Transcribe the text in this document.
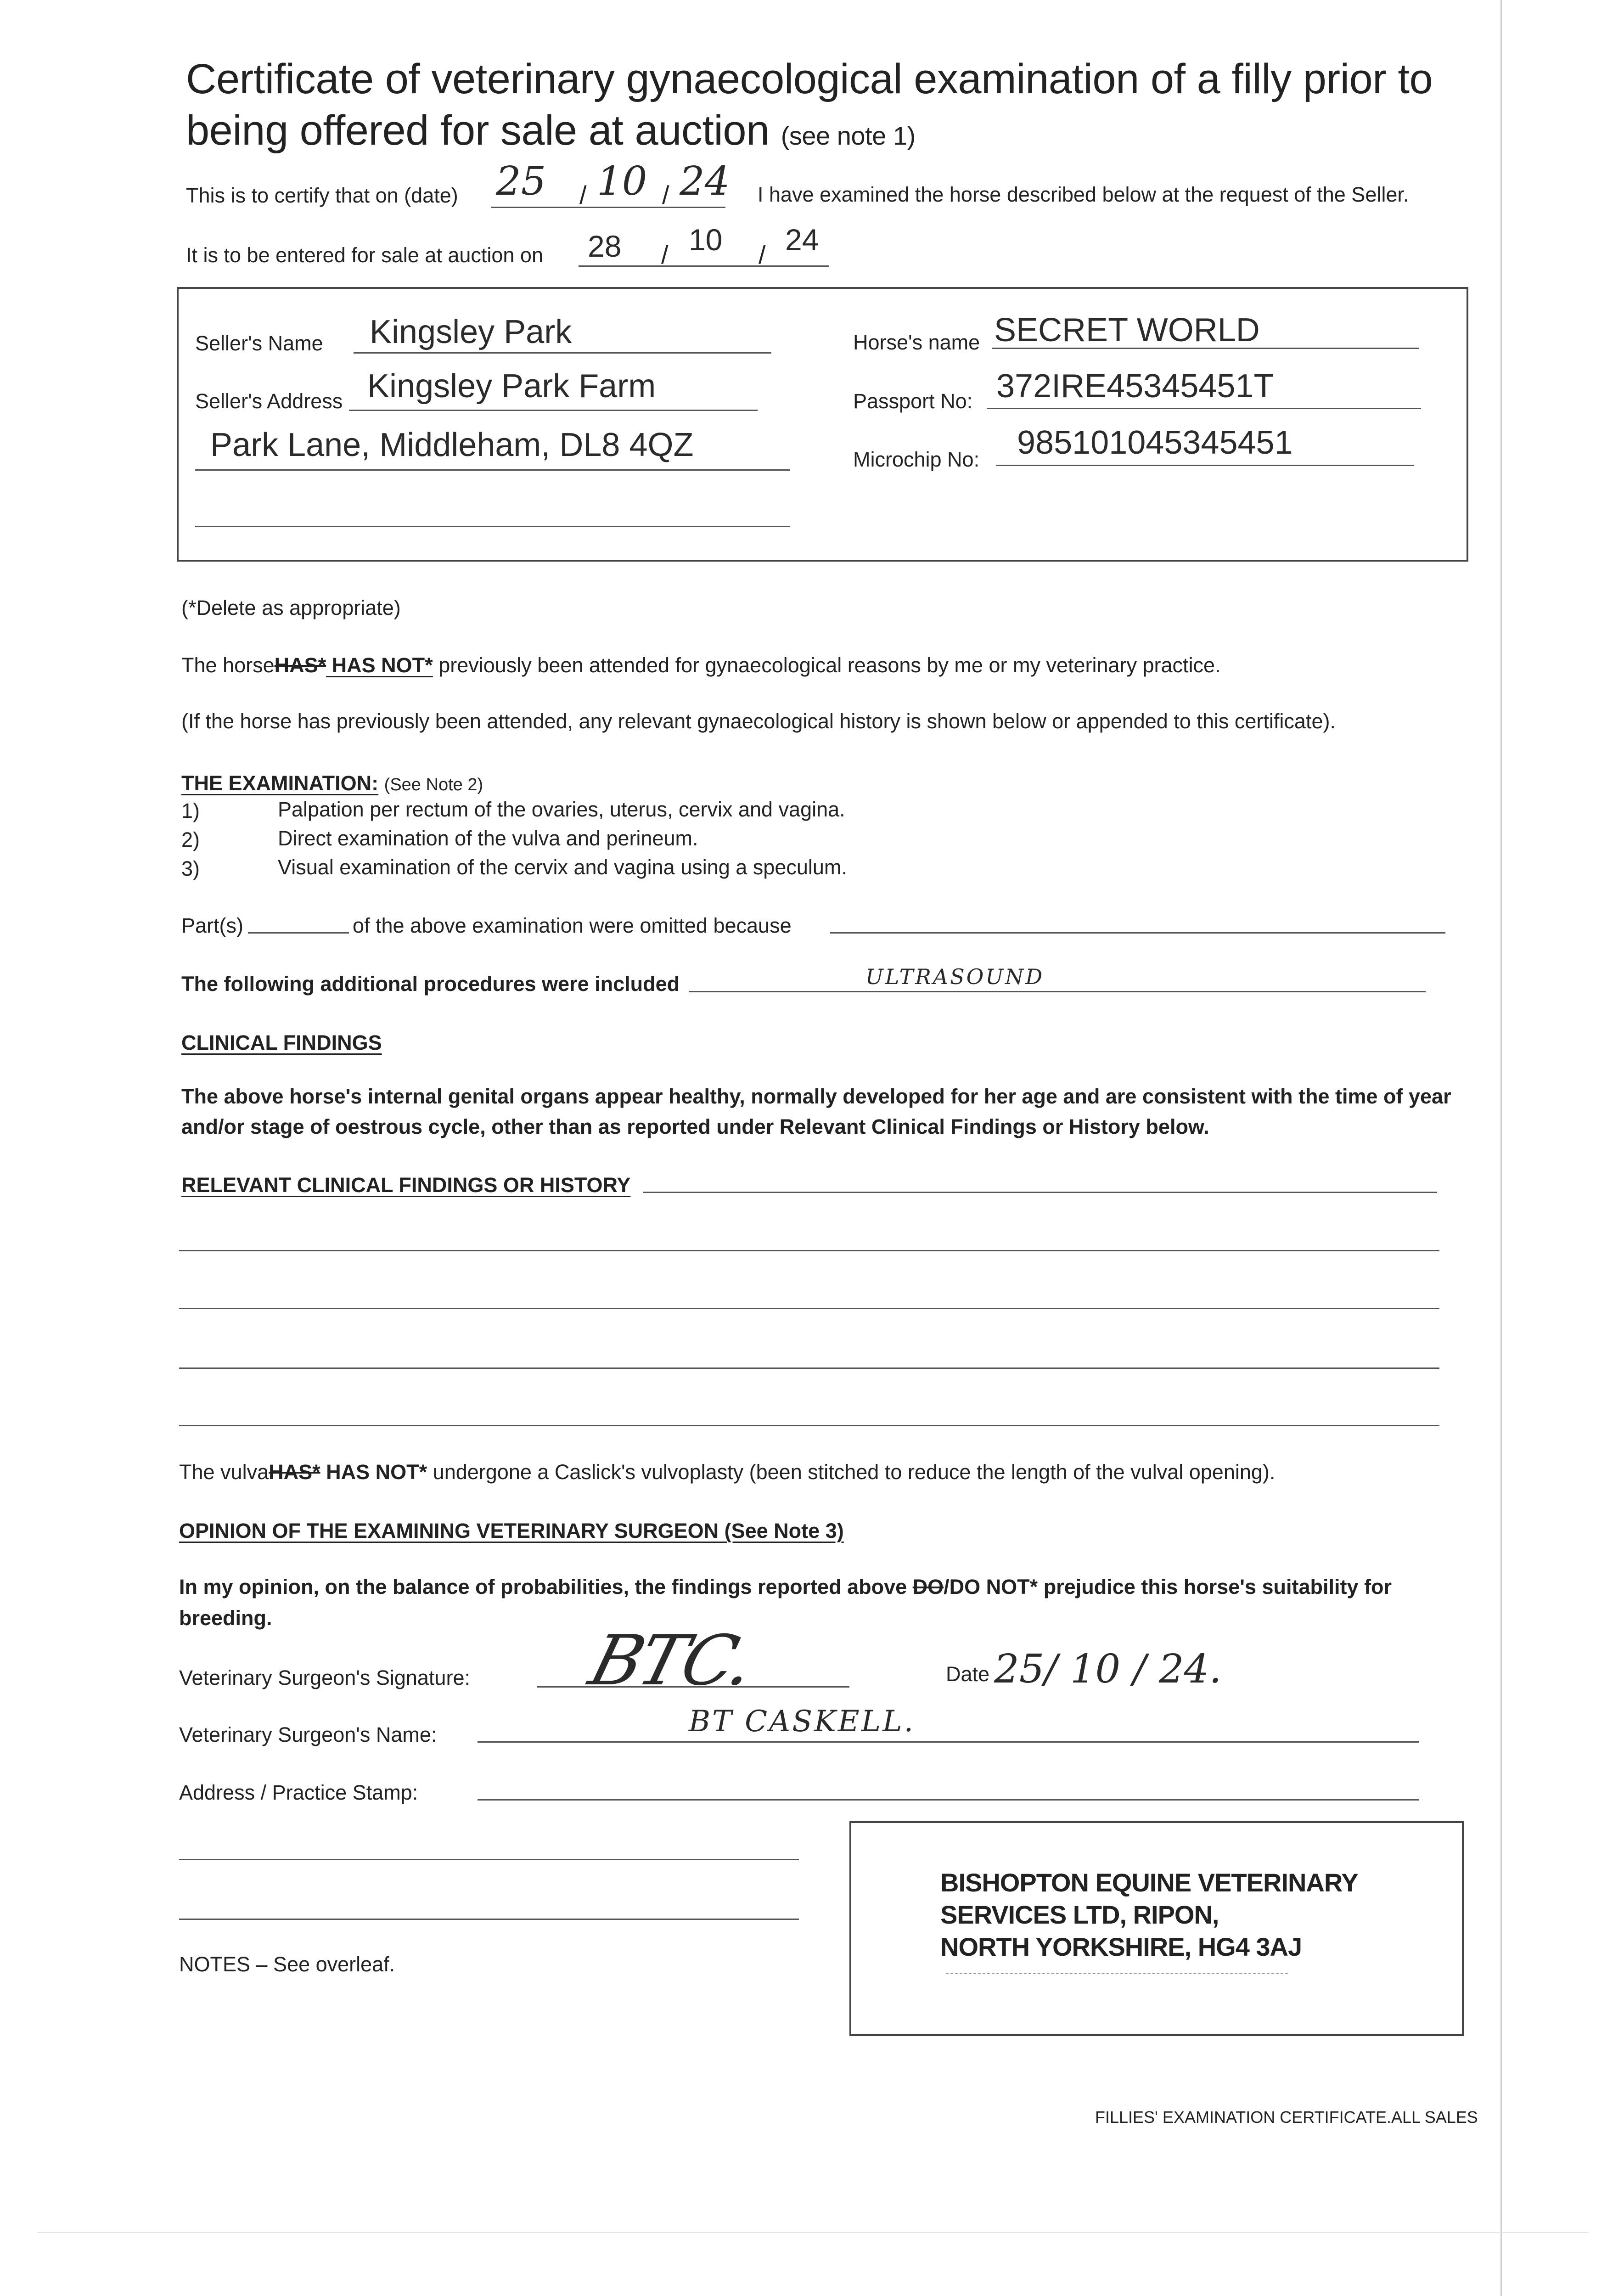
Certificate of veterinary gynaecological examination of a filly prior to
being offered for sale at auction (see note 1)
This is to certify that on (date) 25 / 10 / 24 I have examined the horse described below at the request of the Seller.
It is to be entered for sale at auction on 28 / 10 / 24
Seller's Name Kingsley Park
Seller's Address Kingsley Park Farm
Park Lane, Middleham, DL8 4QZ
Horse's name SECRET WORLD
Passport No: 372IRE45345451T
Microchip No: 985101045345451
(*Delete as appropriate)
The horseHAS* HAS NOT* previously been attended for gynaecological reasons by me or my veterinary practice.
(If the horse has previously been attended, any relevant gynaecological history is shown below or appended to this certificate).
THE EXAMINATION: (See Note 2)
1)	Palpation per rectum of the ovaries, uterus, cervix and vagina.
2)	Direct examination of the vulva and perineum.
3)	Visual examination of the cervix and vagina using a speculum.
Part(s)	of the above examination were omitted because
The following additional procedures were included	ULTRASOUND
CLINICAL FINDINGS
The above horse's internal genital organs appear healthy, normally developed for her age and are consistent with the time of year
and/or stage of oestrous cycle, other than as reported under Relevant Clinical Findings or History below.
RELEVANT CLINICAL FINDINGS OR HISTORY
The vulvaHAS* HAS NOT* undergone a Caslick's vulvoplasty (been stitched to reduce the length of the vulval opening).
OPINION OF THE EXAMINING VETERINARY SURGEON (See Note 3)
In my opinion, on the balance of probabilities, the findings reported above DO/DO NOT* prejudice this horse's suitability for
breeding.
Veterinary Surgeon's Signature: BTC.	Date 25/ 10 / 24.
Veterinary Surgeon's Name:	BT CASKELL.
Address / Practice Stamp:
BISHOPTON EQUINE VETERINARY
SERVICES LTD, RIPON,
NORTH YORKSHIRE, HG4 3AJ
NOTES – See overleaf.
FILLIES' EXAMINATION CERTIFICATE.ALL SALES
